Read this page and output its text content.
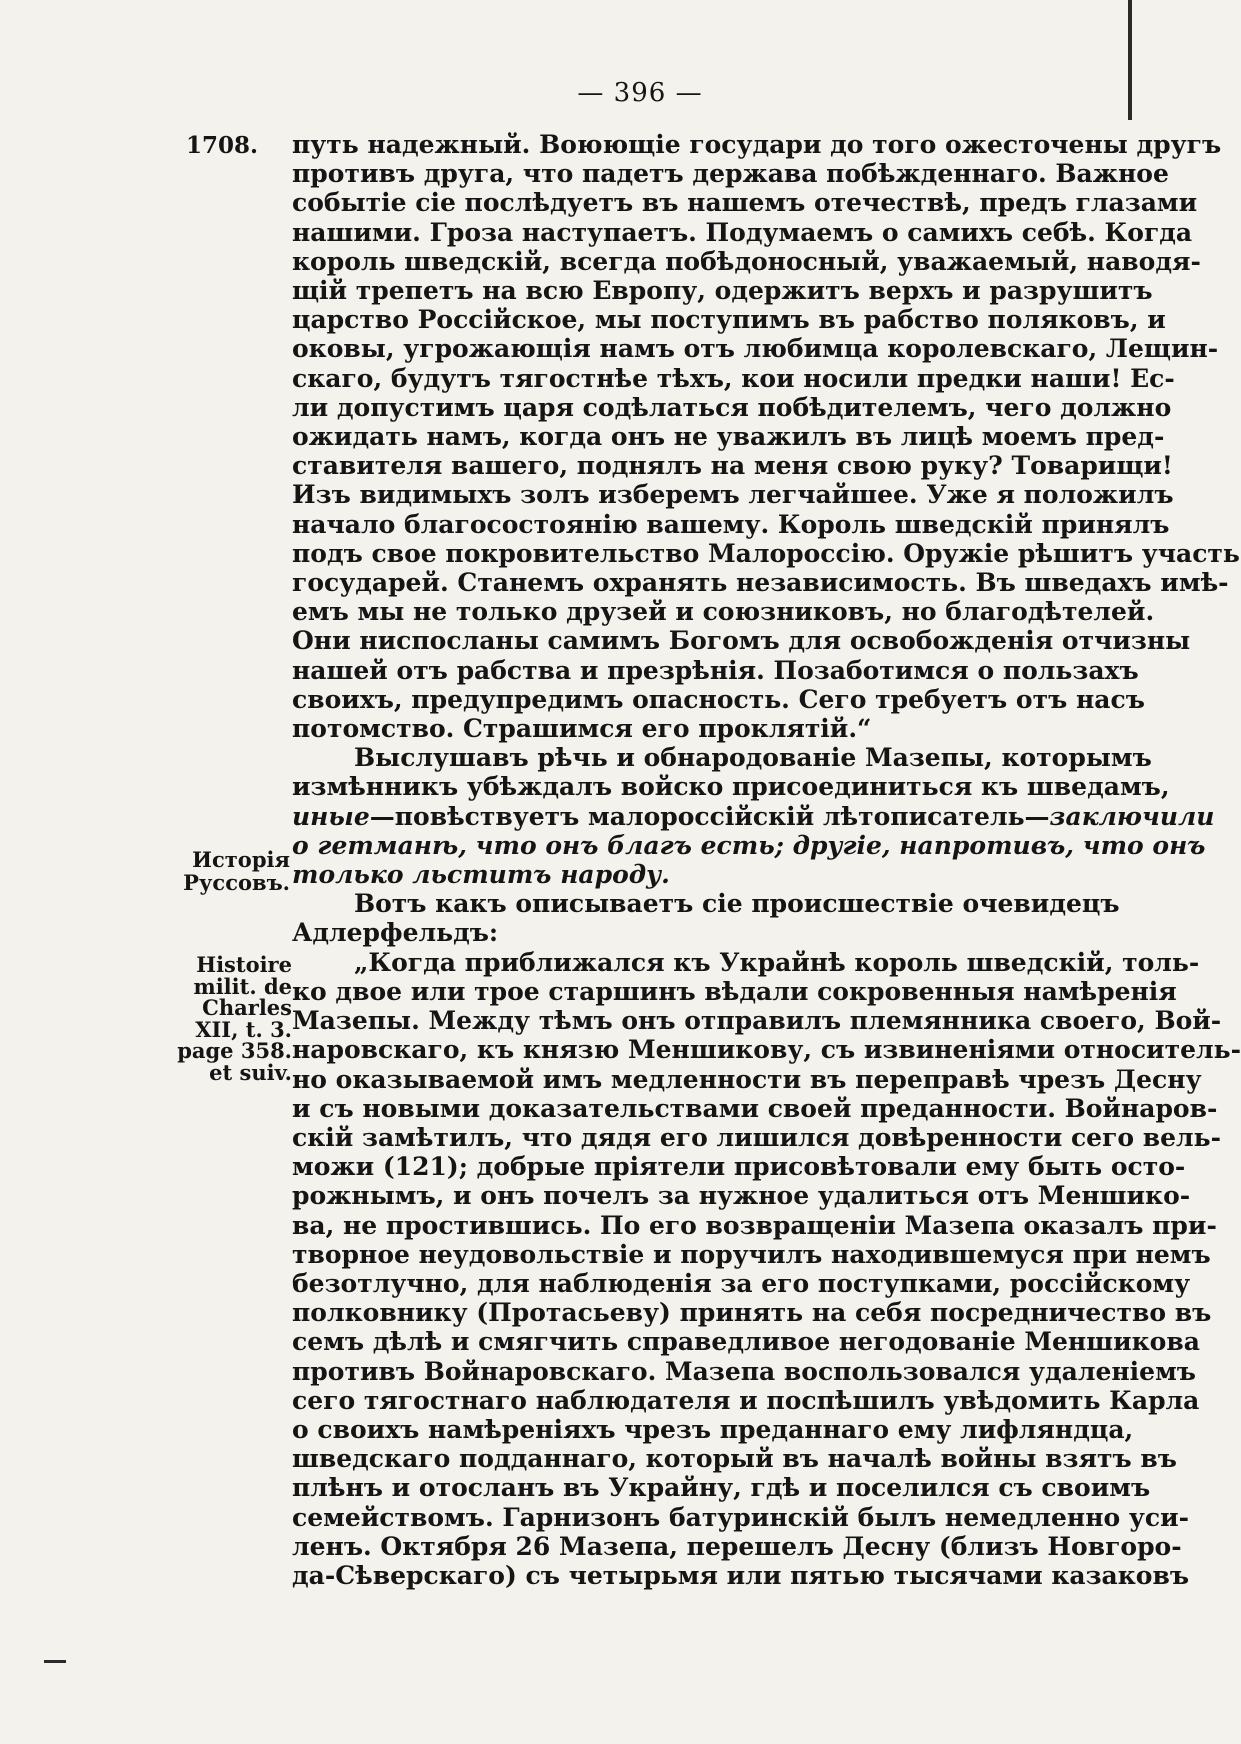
— 396 —
1708.
Исторія
Руссовъ.
Histoire
milit. de
Charles
XII, t. 3.
page 358.
et suiv.
путь надежный. Воюющіе государи до того ожесточены другъ
противъ друга, что падетъ держава побѣжденнаго. Важное
событіе сіе послѣдуетъ въ нашемъ отечествѣ, предъ глазами
нашими. Гроза наступаетъ. Подумаемъ о самихъ себѣ. Когда
король шведскій, всегда побѣдоносный, уважаемый, наводя-
щій трепетъ на всю Европу, одержитъ верхъ и разрушитъ
царство Россійское, мы поступимъ въ рабство поляковъ, и
оковы, угрожающія намъ отъ любимца королевскаго, Лещин-
скаго, будутъ тягостнѣе тѣхъ, кои носили предки наши! Ес-
ли допустимъ царя содѣлаться побѣдителемъ, чего должно
ожидать намъ, когда онъ не уважилъ въ лицѣ моемъ пред-
ставителя вашего, поднялъ на меня свою руку? Товарищи!
Изъ видимыхъ золъ изберемъ легчайшее. Уже я положилъ
начало благосостоянію вашему. Король шведскій принялъ
подъ свое покровительство Малороссію. Оружіе рѣшитъ участь
государей. Станемъ охранять независимость. Въ шведахъ имѣ-
емъ мы не только друзей и союзниковъ, но благодѣтелей.
Они ниспосланы самимъ Богомъ для освобожденія отчизны
нашей отъ рабства и презрѣнія. Позаботимся о пользахъ
своихъ, предупредимъ опасность. Сего требуетъ отъ насъ
потомство. Страшимся его проклятій.“
Выслушавъ рѣчь и обнародованіе Мазепы, которымъ
измѣнникъ убѣждалъ войско присоединиться къ шведамъ,
иные—повѣствуетъ малороссійскій лѣтописатель—заключили
о гетманѣ, что онъ благъ есть; другіе, напротивъ, что онъ
только льститъ народу.
Вотъ какъ описываетъ сіе происшествіе очевидецъ
Адлерфельдъ:
„Когда приближался къ Украйнѣ король шведскій, толь-
ко двое или трое старшинъ вѣдали сокровенныя намѣренія
Мазепы. Между тѣмъ онъ отправилъ племянника своего, Вой-
наровскаго, къ князю Меншикову, съ извиненіями относитель-
но оказываемой имъ медленности въ переправѣ чрезъ Десну
и съ новыми доказательствами своей преданности. Войнаров-
скій замѣтилъ, что дядя его лишился довѣренности сего вель-
можи (121); добрые пріятели присовѣтовали ему быть осто-
рожнымъ, и онъ почелъ за нужное удалиться отъ Меншико-
ва, не простившись. По его возвращеніи Мазепа оказалъ при-
творное неудовольствіе и поручилъ находившемуся при немъ
безотлучно, для наблюденія за его поступками, россійскому
полковнику (Протасьеву) принять на себя посредничество въ
семъ дѣлѣ и смягчить справедливое негодованіе Меншикова
противъ Войнаровскаго. Мазепа воспользовался удаленіемъ
сего тягостнаго наблюдателя и поспѣшилъ увѣдомить Карла
о своихъ намѣреніяхъ чрезъ преданнаго ему лифляндца,
шведскаго подданнаго, который въ началѣ войны взятъ въ
плѣнъ и отосланъ въ Украйну, гдѣ и поселился съ своимъ
семействомъ. Гарнизонъ батуринскій былъ немедленно уси-
ленъ. Октября 26 Мазепа, перешелъ Десну (близъ Новгоро-
да-Сѣверскаго) съ четырьмя или пятью тысячами казаковъ
